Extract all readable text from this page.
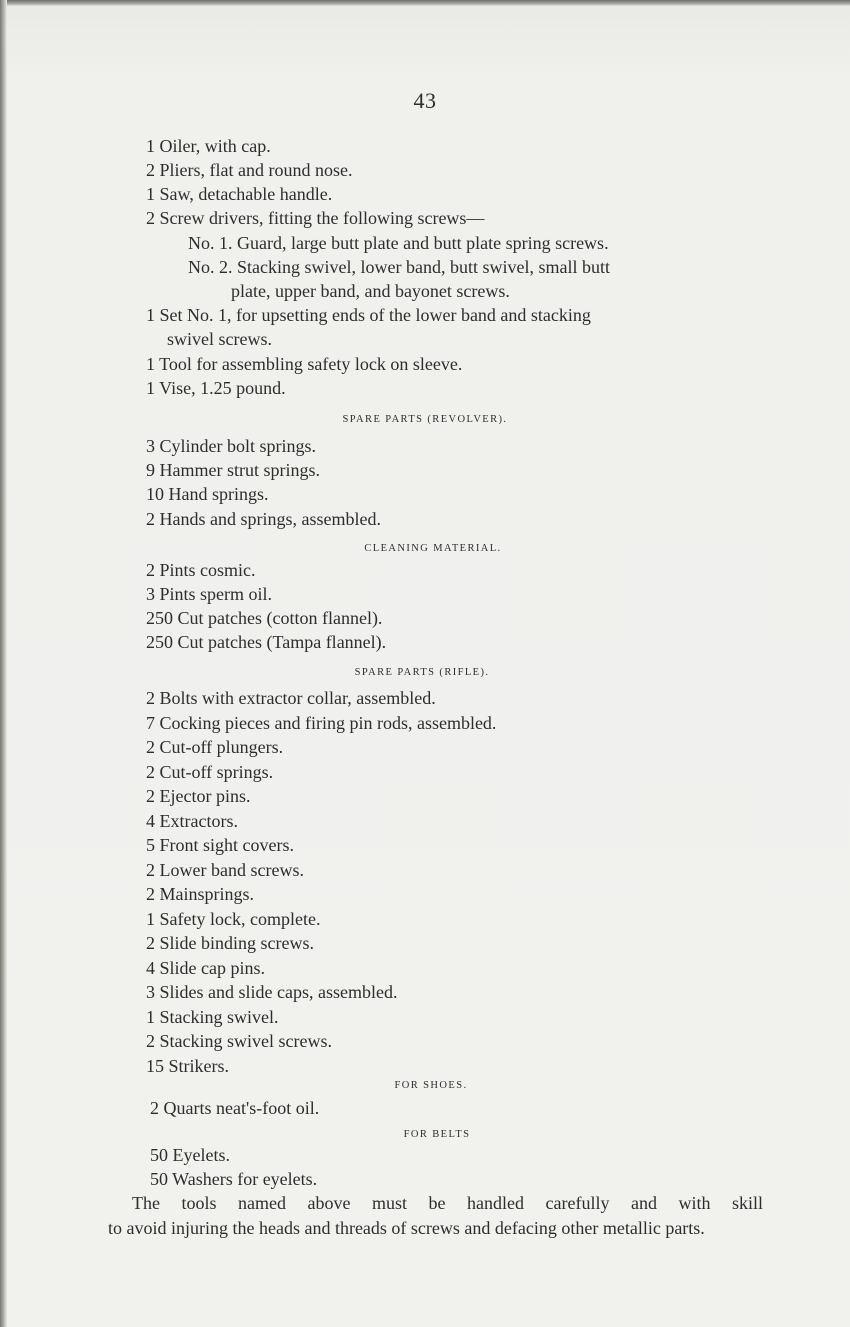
43
1 Oiler, with cap.
2 Pliers, flat and round nose.
1 Saw, detachable handle.
2 Screw drivers, fitting the following screws—
No. 1. Guard, large butt plate and butt plate spring screws.
No. 2. Stacking swivel, lower band, butt swivel, small butt
plate, upper band, and bayonet screws.
1 Set No. 1, for upsetting ends of the lower band and stacking
swivel screws.
1 Tool for assembling safety lock on sleeve.
1 Vise, 1.25 pound.
SPARE PARTS (REVOLVER).
3 Cylinder bolt springs.
9 Hammer strut springs.
10 Hand springs.
2 Hands and springs, assembled.
CLEANING MATERIAL.
2 Pints cosmic.
3 Pints sperm oil.
250 Cut patches (cotton flannel).
250 Cut patches (Tampa flannel).
SPARE PARTS (RIFLE).
2 Bolts with extractor collar, assembled.
7 Cocking pieces and firing pin rods, assembled.
2 Cut-off plungers.
2 Cut-off springs.
2 Ejector pins.
4 Extractors.
5 Front sight covers.
2 Lower band screws.
2 Mainsprings.
1 Safety lock, complete.
2 Slide binding screws.
4 Slide cap pins.
3 Slides and slide caps, assembled.
1 Stacking swivel.
2 Stacking swivel screws.
15 Strikers.
FOR SHOES.
2 Quarts neat's-foot oil.
FOR BELTS
50 Eyelets.
50 Washers for eyelets.
The tools named above must be handled carefully and with skill
to avoid injuring the heads and threads of screws and defacing other metallic parts.
